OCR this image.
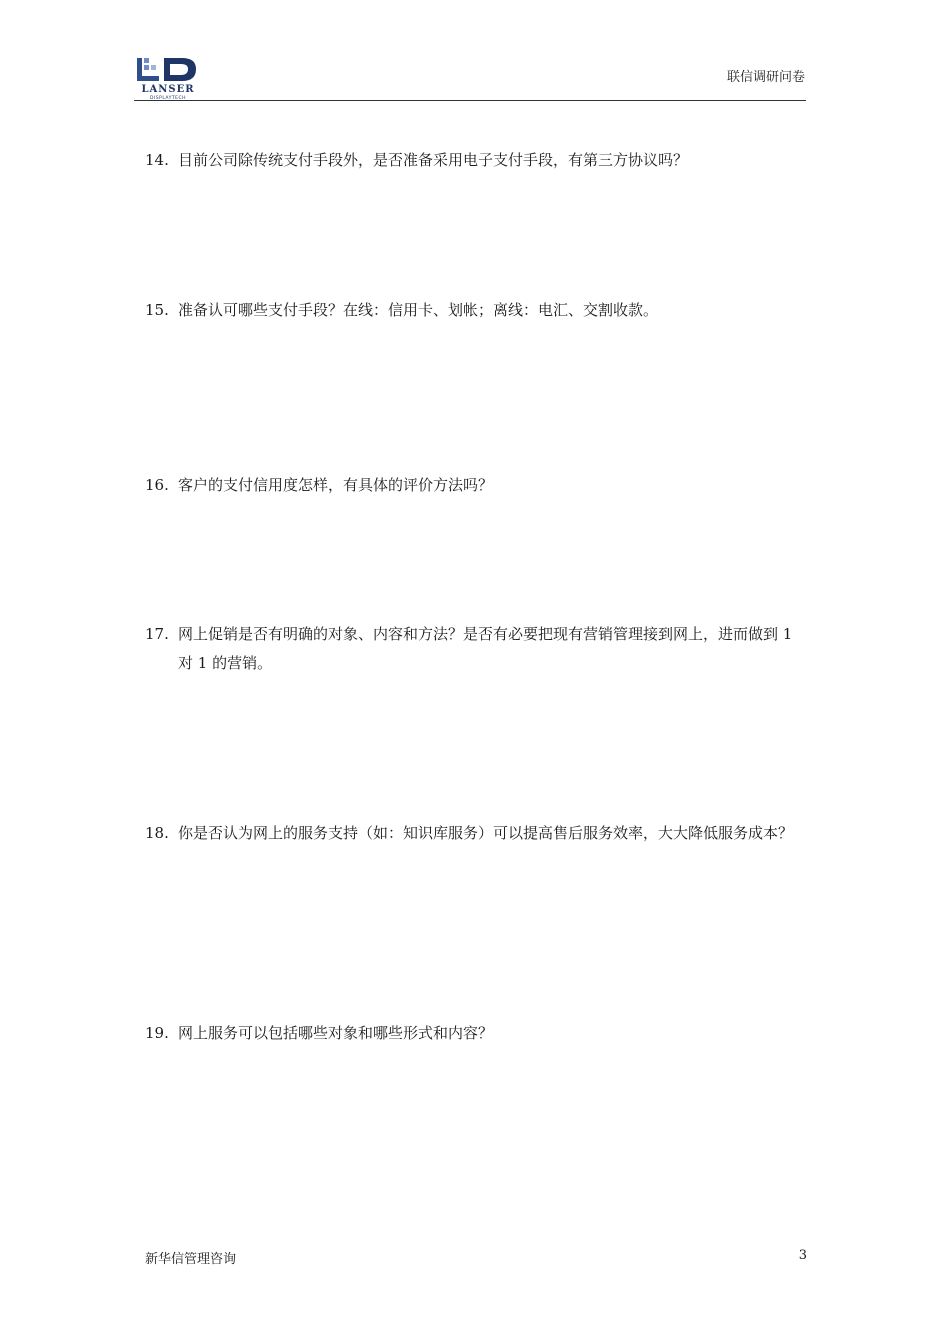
LANSER
DISPLAYTECH
联信调研问卷
14. 目前公司除传统支付手段外，是否准备采用电子支付手段，有第三方协议吗？
15. 准备认可哪些支付手段？在线：信用卡、划帐；离线：电汇、交割收款。
16. 客户的支付信用度怎样，有具体的评价方法吗？
17. 网上促销是否有明确的对象、内容和方法？是否有必要把现有营销管理接到网上，进而做到 1 对 1 的营销。
18. 你是否认为网上的服务支持（如：知识库服务）可以提高售后服务效率，大大降低服务成本？
19. 网上服务可以包括哪些对象和哪些形式和内容？
新华信管理咨询	3
